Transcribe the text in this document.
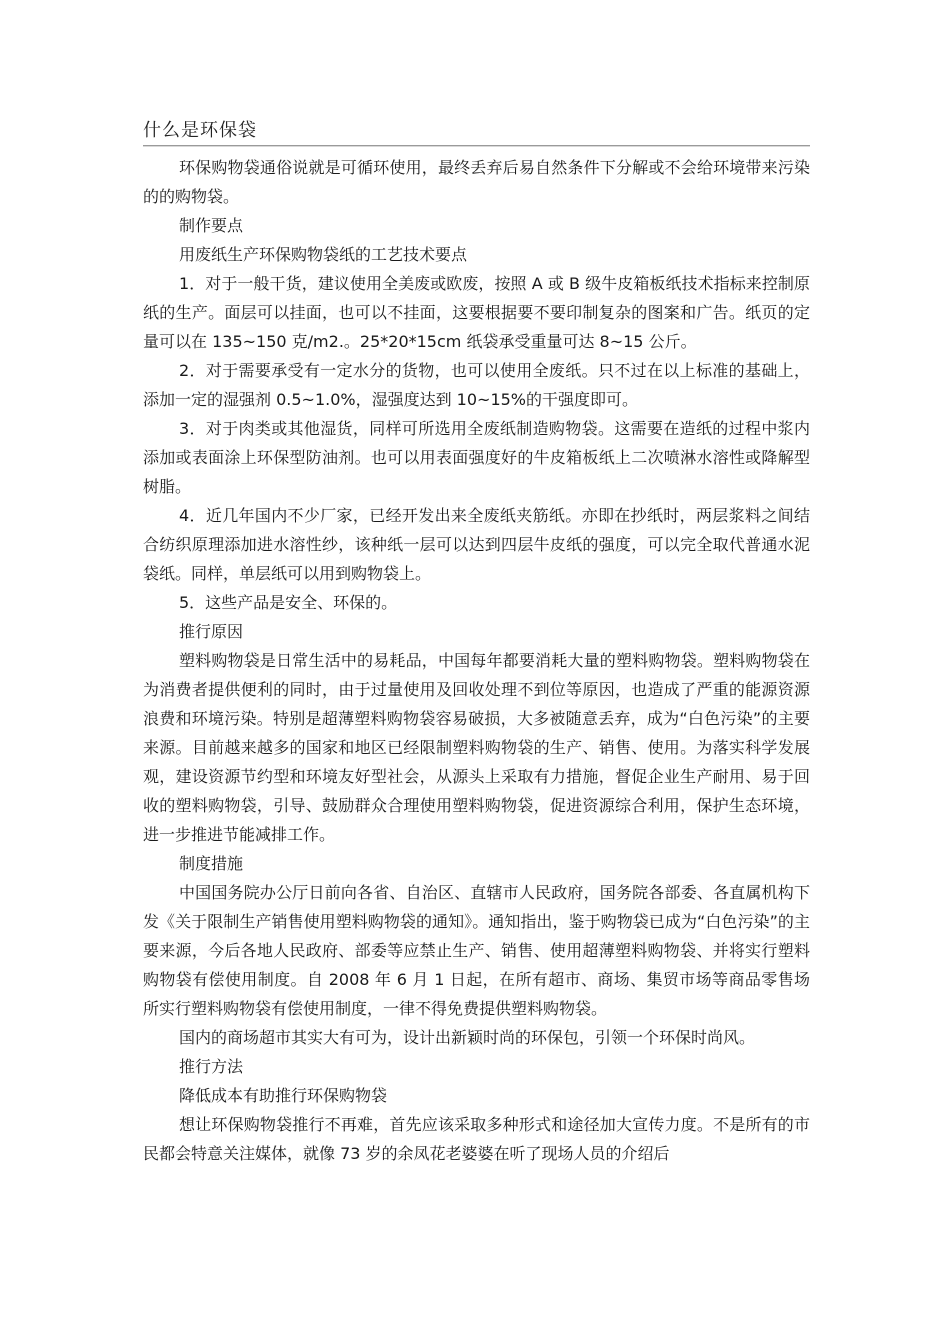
什么是环保袋

环保购物袋通俗说就是可循环使用，最终丢弃后易自然条件下分解或不会给环境带来污染的的购物袋。

制作要点

用废纸生产环保购物袋纸的工艺技术要点

1．对于一般干货，建议使用全美废或欧废，按照 A 或 B 级牛皮箱板纸技术指标来控制原纸的生产。面层可以挂面，也可以不挂面，这要根据要不要印制复杂的图案和广告。纸页的定量可以在 135~150 克/m2.。25*20*15cm 纸袋承受重量可达 8~15 公斤。

2．对于需要承受有一定水分的货物，也可以使用全废纸。只不过在以上标准的基础上，添加一定的湿强剂 0.5~1.0%，湿强度达到 10~15%的干强度即可。

3．对于肉类或其他湿货，同样可所选用全废纸制造购物袋。这需要在造纸的过程中浆内添加或表面涂上环保型防油剂。也可以用表面强度好的牛皮箱板纸上二次喷淋水溶性或降解型树脂。

4．近几年国内不少厂家，已经开发出来全废纸夹筋纸。亦即在抄纸时，两层浆料之间结合纺织原理添加进水溶性纱，该种纸一层可以达到四层牛皮纸的强度，可以完全取代普通水泥袋纸。同样，单层纸可以用到购物袋上。

5．这些产品是安全、环保的。

推行原因

塑料购物袋是日常生活中的易耗品，中国每年都要消耗大量的塑料购物袋。塑料购物袋在为消费者提供便利的同时，由于过量使用及回收处理不到位等原因，也造成了严重的能源资源浪费和环境污染。特别是超薄塑料购物袋容易破损，大多被随意丢弃，成为“白色污染”的主要来源。目前越来越多的国家和地区已经限制塑料购物袋的生产、销售、使用。为落实科学发展观，建设资源节约型和环境友好型社会，从源头上采取有力措施，督促企业生产耐用、易于回收的塑料购物袋，引导、鼓励群众合理使用塑料购物袋，促进资源综合利用，保护生态环境，进一步推进节能减排工作。

制度措施

中国国务院办公厅日前向各省、自治区、直辖市人民政府，国务院各部委、各直属机构下发《关于限制生产销售使用塑料购物袋的通知》。通知指出，鉴于购物袋已成为“白色污染”的主要来源，今后各地人民政府、部委等应禁止生产、销售、使用超薄塑料购物袋、并将实行塑料购物袋有偿使用制度。自 2008 年 6 月 1 日起，在所有超市、商场、集贸市场等商品零售场所实行塑料购物袋有偿使用制度，一律不得免费提供塑料购物袋。

国内的商场超市其实大有可为，设计出新颖时尚的环保包，引领一个环保时尚风。

推行方法

降低成本有助推行环保购物袋

想让环保购物袋推行不再难，首先应该采取多种形式和途径加大宣传力度。不是所有的市民都会特意关注媒体，就像 73 岁的余凤花老婆婆在听了现场人员的介绍后
